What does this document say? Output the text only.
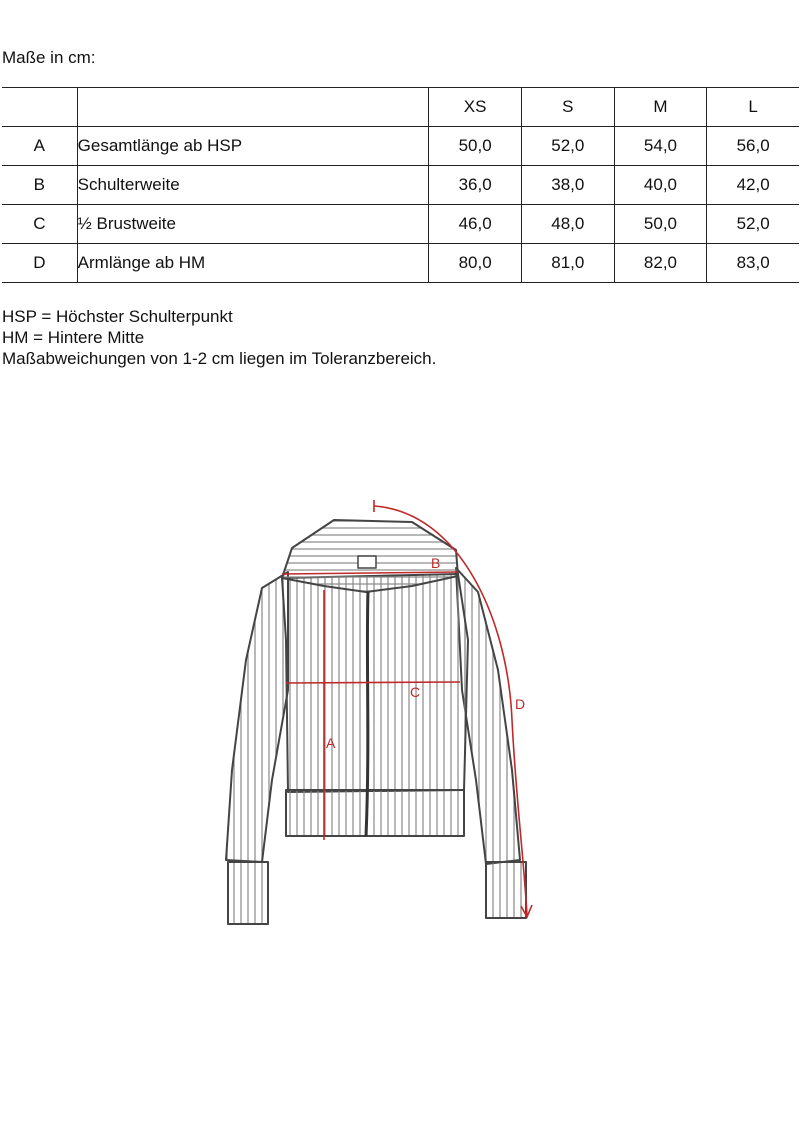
Maße in cm:
		XS	S	M	L
A	Gesamtlänge ab HSP	50,0	52,0	54,0	56,0
B	Schulterweite	36,0	38,0	40,0	42,0
C	½ Brustweite	46,0	48,0	50,0	52,0
D	Armlänge ab HM	80,0	81,0	82,0	83,0
HSP = Höchster Schulterpunkt
HM = Hintere Mitte
Maßabweichungen von 1-2 cm liegen im Toleranzbereich.
A
B
C
D
